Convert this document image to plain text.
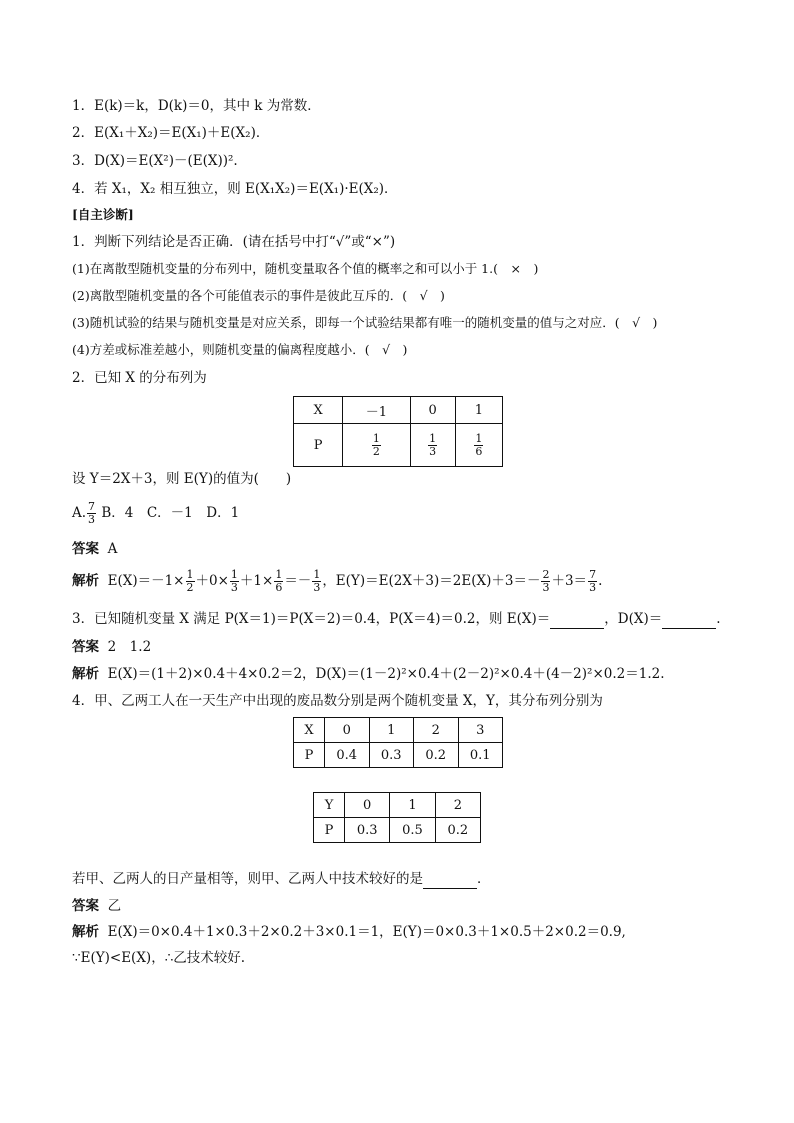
1．E(k)＝k，D(k)＝0，其中 k 为常数．
2．E(X₁＋X₂)＝E(X₁)＋E(X₂)．
3．D(X)＝E(X²)－(E(X))².
4．若 X₁，X₂ 相互独立，则 E(X₁X₂)＝E(X₁)·E(X₂)．
[自主诊断]
1．判断下列结论是否正确．(请在括号中打“√”或“×”)
(1)在离散型随机变量的分布列中，随机变量取各个值的概率之和可以小于 1.(　×　)
(2)离散型随机变量的各个可能值表示的事件是彼此互斥的．(　√　)
(3)随机试验的结果与随机变量是对应关系，即每一个试验结果都有唯一的随机变量的值与之对应．(　√　)
(4)方差或标准差越小，则随机变量的偏离程度越小．(　√　)
2．已知 X 的分布列为
X	－1	0	1
P	$\frac{1}{2}$	$\frac{1}{3}$	$\frac{1}{6}$
设 Y＝2X＋3，则 E(Y)的值为(　　)
A. $\frac{7}{3}$ B．4　C．－1　D．1
答案 A
解析 $E(X)=-1\times \frac{1}{2} +0\times \frac{1}{3} +1\times \frac{1}{6} =- \frac{1}{3}$ ，$E(Y)=E(2X+3)=2E(X)+3=- \frac{2}{3} +3= \frac{7}{3}$ .
3．已知随机变量 X 满足 P(X＝1)＝P(X＝2)＝0.4，P(X＝4)＝0.2，则 E(X)＝	，D(X)＝	.
答案 2　1.2
解析 E(X)＝(1＋2)×0.4＋4×0.2＝2，D(X)＝(1－2)²×0.4＋(2－2)²×0.4＋(4－2)²×0.2＝1.2.
4．甲、乙两工人在一天生产中出现的废品数分别是两个随机变量 X，Y，其分布列分别为
X	0	1	2	3
P	0.4	0.3	0.2	0.1
Y	0	1	2
P	0.3	0.5	0.2
若甲、乙两人的日产量相等，则甲、乙两人中技术较好的是	．
答案 乙
解析 E(X)＝0×0.4＋1×0.3＋2×0.2＋3×0.1＝1，E(Y)＝0×0.3＋1×0.5＋2×0.2＝0.9,
∵E(Y)<E(X)，∴乙技术较好.
